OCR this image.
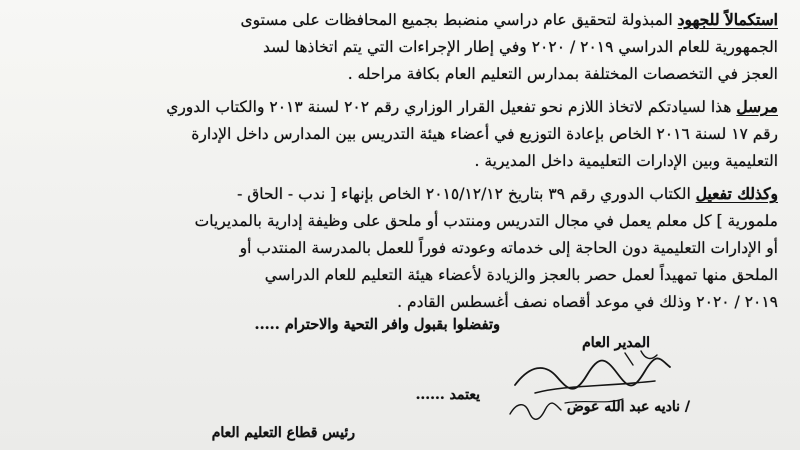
استكمالاً للجهود المبذولة لتحقيق عام دراسي منضبط بجميع المحافظات على مستوى
الجمهورية للعام الدراسي ٢٠١٩ / ٢٠٢٠ وفي إطار الإجراءات التي يتم اتخاذها لسد
العجز في التخصصات المختلفة بمدارس التعليم العام بكافة مراحله .
مرسل هذا لسيادتكم لاتخاذ اللازم نحو تفعيل القرار الوزاري رقم ٢٠٢ لسنة ٢٠١٣ والكتاب الدوري
رقم ١٧ لسنة ٢٠١٦ الخاص بإعادة التوزيع في أعضاء هيئة التدريس بين المدارس داخل الإدارة
التعليمية وبين الإدارات التعليمية داخل المديرية .
وكذلك تفعيل الكتاب الدوري رقم ٣٩ بتاريخ ٢٠١٥/١٢/١٢ الخاص بإنهاء [ ندب - الحاق -
ملمورية ] كل معلم يعمل في مجال التدريس ومنتدب أو ملحق على وظيفة إدارية بالمديريات
أو الإدارات التعليمية دون الحاجة إلى خدماته وعودته فوراً للعمل بالمدرسة المنتدب أو
الملحق منها تمهيداً لعمل حصر بالعجز والزيادة لأعضاء هيئة التعليم للعام الدراسي
٢٠١٩ / ٢٠٢٠ وذلك في موعد أقصاه نصف أغسطس القادم .
وتفضلوا بقبول وافر التحية والاحترام .....
المدير العام
يعتمد ......
/ ناديه عبد الله عوض
رئيس قطاع التعليم العام
